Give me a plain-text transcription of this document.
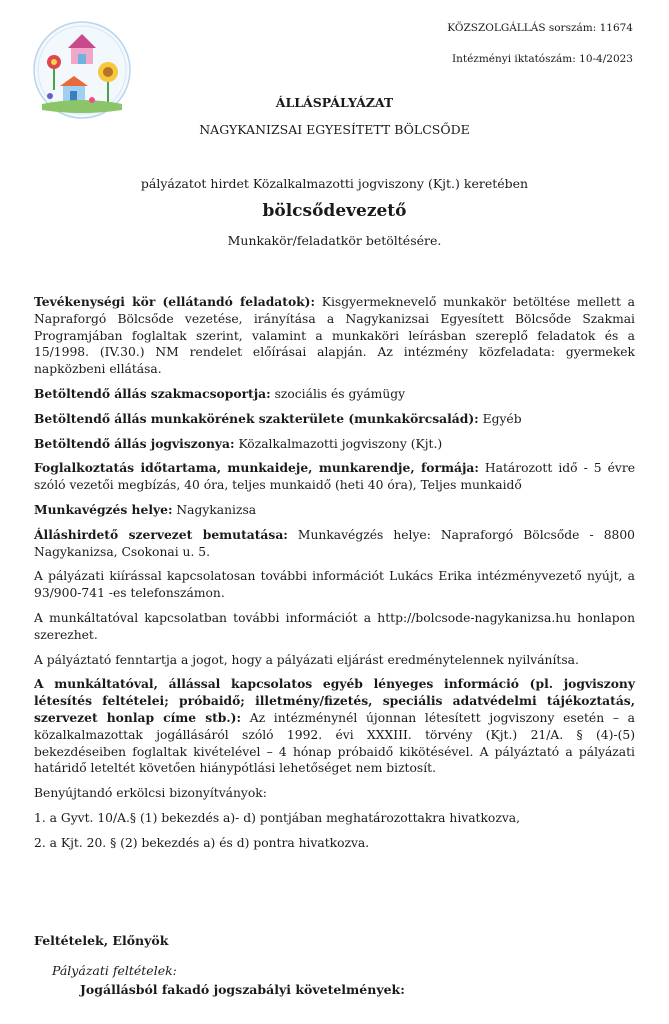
KÖZSZOLGÁLLÁS sorszám: 11674
Intézményi iktatószám: 10-4/2023
ÁLLÁSPÁLYÁZAT
NAGYKANIZSAI EGYESÍTETT BÖLCSŐDE
pályázatot hirdet Közalkalmazotti jogviszony (Kjt.) keretében
bölcsődevezető
Munkakör/feladatkör betöltésére.

Tevékenységi kör (ellátandó feladatok): Kisgyermeknevelő munkakör betöltése mellett a Napraforgó Bölcsőde vezetése, irányítása a Nagykanizsai Egyesített Bölcsőde Szakmai Programjában foglaltak szerint, valamint a munkaköri leírásban szereplő feladatok és a 15/1998. (IV.30.) NM rendelet előírásai alapján. Az intézmény közfeladata: gyermekek napközbeni ellátása.

Betöltendő állás szakmacsoportja: szociális és gyámügy

Betöltendő állás munkakörének szakterülete (munkakörcsalád): Egyéb

Betöltendő állás jogviszonya: Közalkalmazotti jogviszony (Kjt.)

Foglalkoztatás időtartama, munkaideje, munkarendje, formája: Határozott idő - 5 évre szóló vezetői megbízás, 40 óra, teljes munkaidő (heti 40 óra), Teljes munkaidő

Munkavégzés helye: Nagykanizsa

Álláshirdető szervezet bemutatása: Munkavégzés helye: Napraforgó Bölcsőde - 8800 Nagykanizsa, Csokonai u. 5.

A pályázati kiírással kapcsolatosan további információt Lukács Erika intézményvezető nyújt, a 93/900-741 -es telefonszámon.

A munkáltatóval kapcsolatban további információt a http://bolcsode-nagykanizsa.hu honlapon szerezhet.

A pályáztató fenntartja a jogot, hogy a pályázati eljárást eredménytelennek nyilvánítsa.

A munkáltatóval, állással kapcsolatos egyéb lényeges információ (pl. jogviszony létesítés feltételei; próbaidő; illetmény/fizetés, speciális adatvédelmi tájékoztatás, szervezet honlap címe stb.): Az intézménynél újonnan létesített jogviszony esetén – a közalkalmazottak jogállásáról szóló 1992. évi XXXIII. törvény (Kjt.) 21/A. § (4)-(5) bekezdéseiben foglaltak kivételével – 4 hónap próbaidő kikötésével. A pályáztató a pályázati határidő leteltét követően hiánypótlási lehetőséget nem biztosít.

Benyújtandó erkölcsi bizonyítványok:

1. a Gyvt. 10/A.§ (1) bekezdés a)- d) pontjában meghatározottakra hivatkozva,

2. a Kjt. 20. § (2) bekezdés a) és d) pontra hivatkozva.

Feltételek, Előnyök
Pályázati feltételek:
Jogállásból fakadó jogszabályi követelmények:
